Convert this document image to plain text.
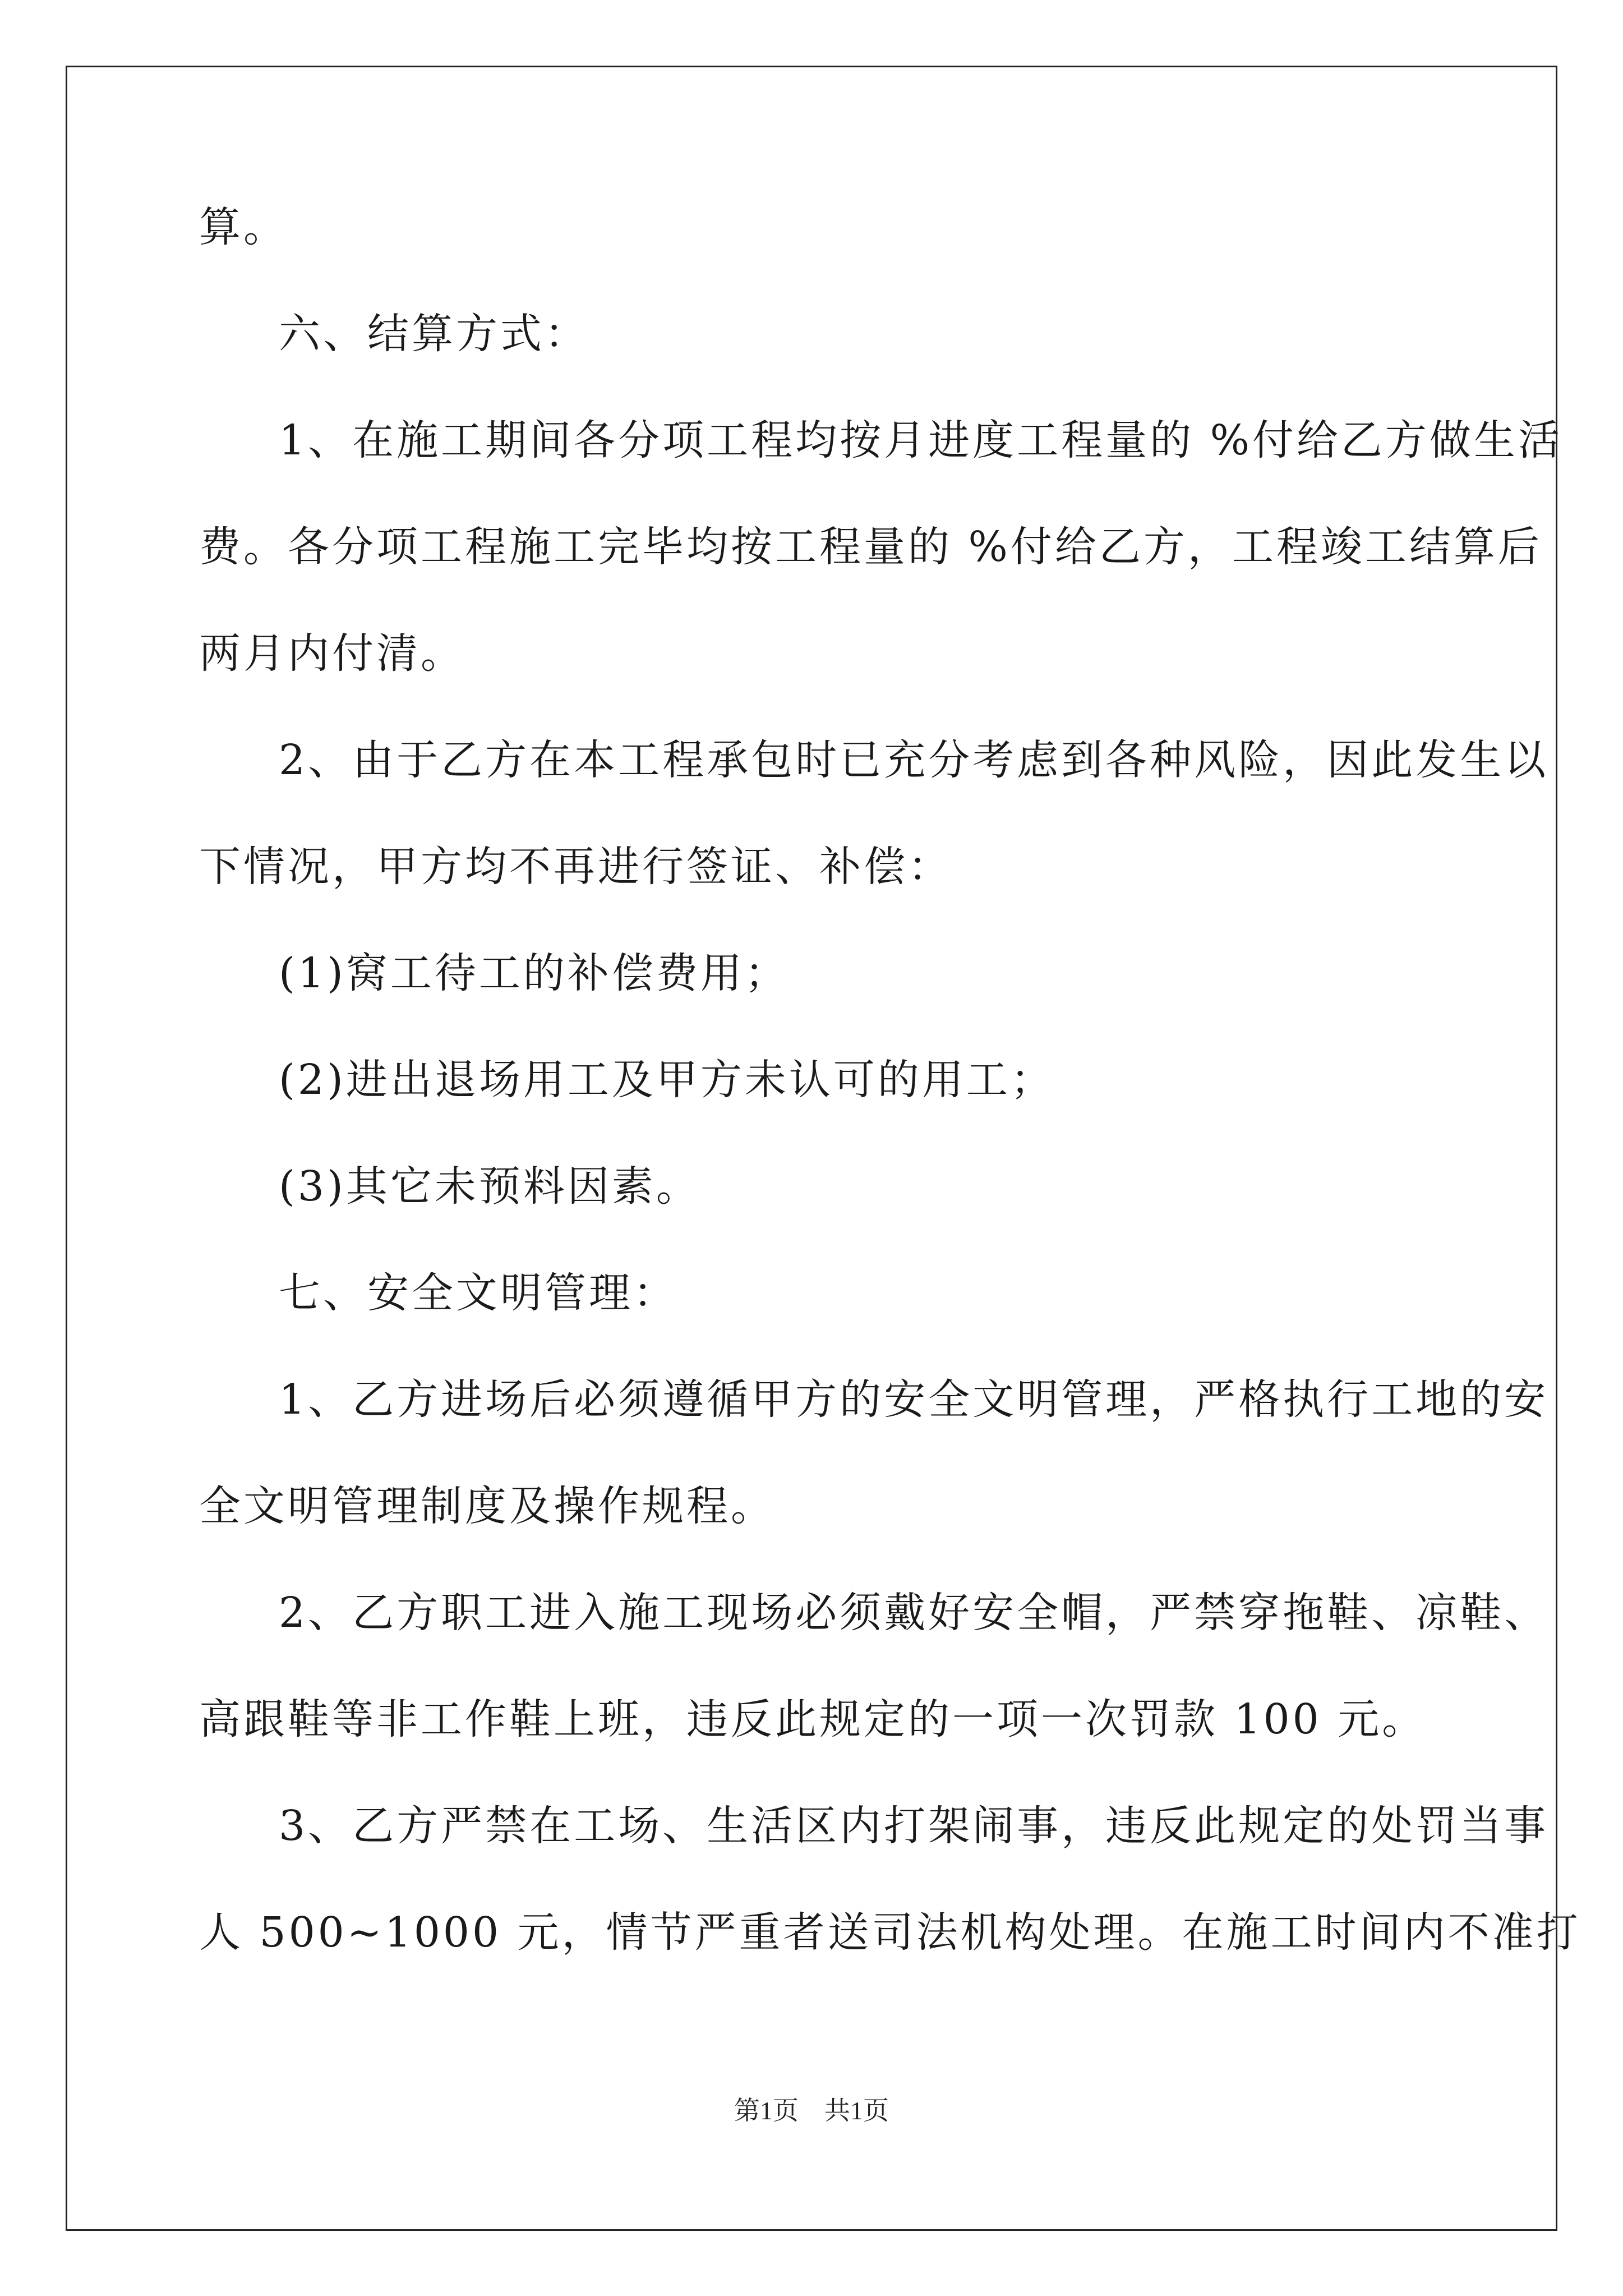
算。
六、结算方式：
1、在施工期间各分项工程均按月进度工程量的 %付给乙方做生活
费。各分项工程施工完毕均按工程量的 %付给乙方，工程竣工结算后
两月内付清。
2、由于乙方在本工程承包时已充分考虑到各种风险，因此发生以
下情况，甲方均不再进行签证、补偿：
(1)窝工待工的补偿费用；
(2)进出退场用工及甲方未认可的用工；
(3)其它未预料因素。
七、安全文明管理：
1、乙方进场后必须遵循甲方的安全文明管理，严格执行工地的安
全文明管理制度及操作规程。
2、乙方职工进入施工现场必须戴好安全帽，严禁穿拖鞋、凉鞋、
高跟鞋等非工作鞋上班，违反此规定的一项一次罚款 100 元。
3、乙方严禁在工场、生活区内打架闹事，违反此规定的处罚当事
人 500~1000 元，情节严重者送司法机构处理。在施工时间内不准打
第1页　共1页
